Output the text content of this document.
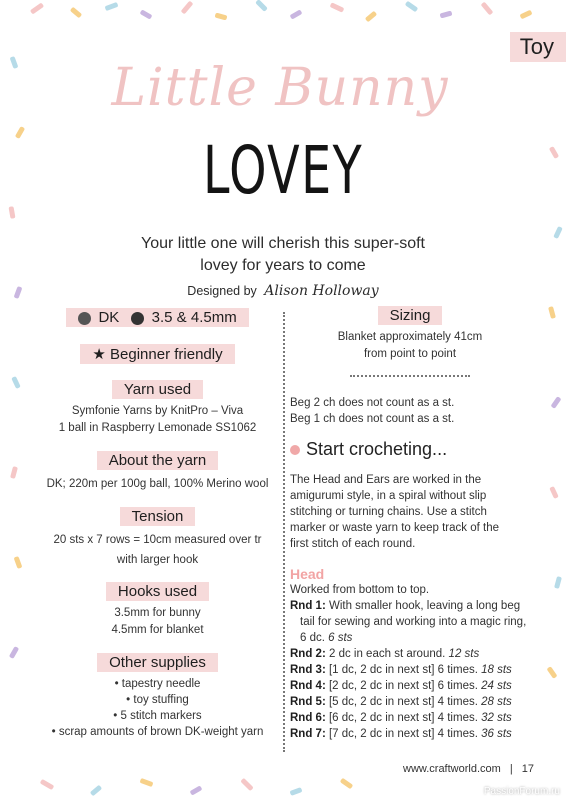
Toy
Little Bunny
LOVEY
Your little one will cherish this super-soft
lovey for years to come
Designed by Alison Holloway
DK 3.5 & 4.5mm
★ Beginner friendly
Yarn used
Symfonie Yarns by KnitPro – Viva
1 ball in Raspberry Lemonade SS1062
About the yarn
DK; 220m per 100g ball, 100% Merino wool
Tension
20 sts x 7 rows = 10cm measured over tr
with larger hook
Hooks used
3.5mm for bunny
4.5mm for blanket
Other supplies
• tapestry needle
• toy stuffing
• 5 stitch markers
• scrap amounts of brown DK-weight yarn
Sizing
Blanket approximately 41cm
from point to point
Beg 2 ch does not count as a st.
Beg 1 ch does not count as a st.
Start crocheting...
The Head and Ears are worked in the amigurumi style, in a spiral without slip stitching or turning chains. Use a stitch marker or waste yarn to keep track of the first stitch of each round.
Head
Worked from bottom to top.
Rnd 1: With smaller hook, leaving a long beg tail for sewing and working into a magic ring, 6 dc. 6 sts
Rnd 2: 2 dc in each st around. 12 sts
Rnd 3: [1 dc, 2 dc in next st] 6 times. 18 sts
Rnd 4: [2 dc, 2 dc in next st] 6 times. 24 sts
Rnd 5: [5 dc, 2 dc in next st] 4 times. 28 sts
Rnd 6: [6 dc, 2 dc in next st] 4 times. 32 sts
Rnd 7: [7 dc, 2 dc in next st] 4 times. 36 sts
www.craftworld.com | 17
PassionForum.ru
